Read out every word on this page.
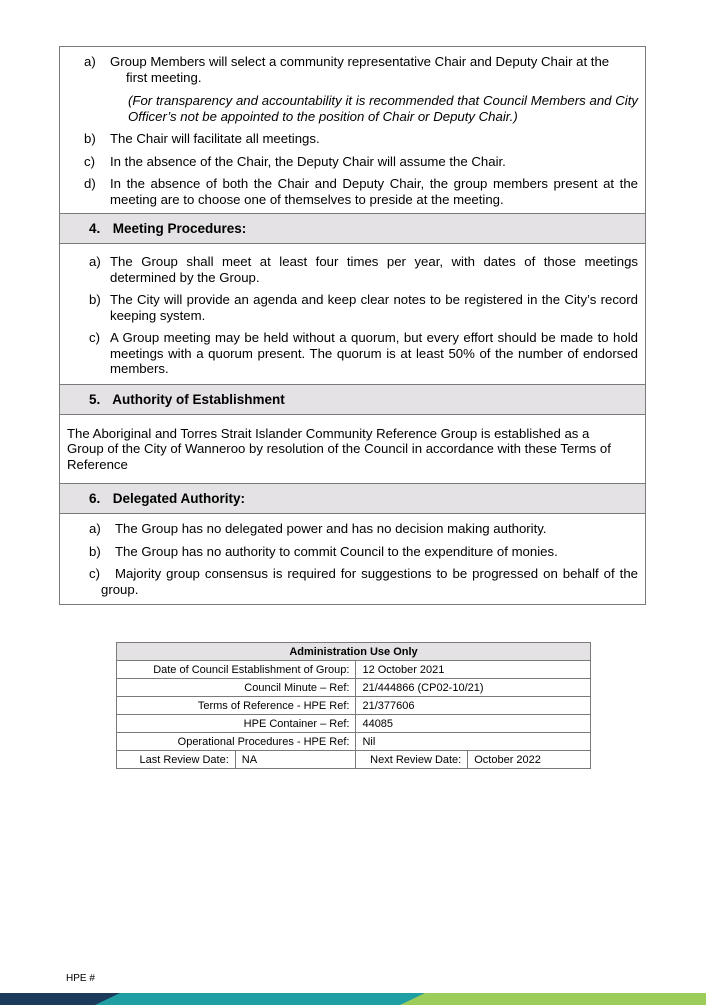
a) Group Members will select a community representative Chair and Deputy Chair at the
first meeting.
(For transparency and accountability it is recommended that Council Members and City Officer’s not be appointed to the position of Chair or Deputy Chair.)
b) The Chair will facilitate all meetings.
c) In the absence of the Chair, the Deputy Chair will assume the Chair.
d) In the absence of both the Chair and Deputy Chair, the group members present at the meeting are to choose one of themselves to preside at the meeting.
4. Meeting Procedures:
a) The Group shall meet at least four times per year, with dates of those meetings determined by the Group.
b) The City will provide an agenda and keep clear notes to be registered in the City’s record keeping system.
c) A Group meeting may be held without a quorum, but every effort should be made to hold meetings with a quorum present. The quorum is at least 50% of the number of endorsed members.
5. Authority of Establishment
The Aboriginal and Torres Strait Islander Community Reference Group is established as a Group of the City of Wanneroo by resolution of the Council in accordance with these Terms of Reference
6. Delegated Authority:
a) The Group has no delegated power and has no decision making authority.
b) The Group has no authority to commit Council to the expenditure of monies.
c) Majority group consensus is required for suggestions to be progressed on behalf of the group.
Administration Use Only			
Date of Council Establishment of Group:		12 October 2021	
Council Minute – Ref:		21/444866 (CP02-10/21)	
Terms of Reference - HPE Ref:		21/377606	
HPE Container – Ref:		44085	
Operational Procedures - HPE Ref:		Nil	
Last Review Date:	NA	Next Review Date:	October 2022
HPE #
